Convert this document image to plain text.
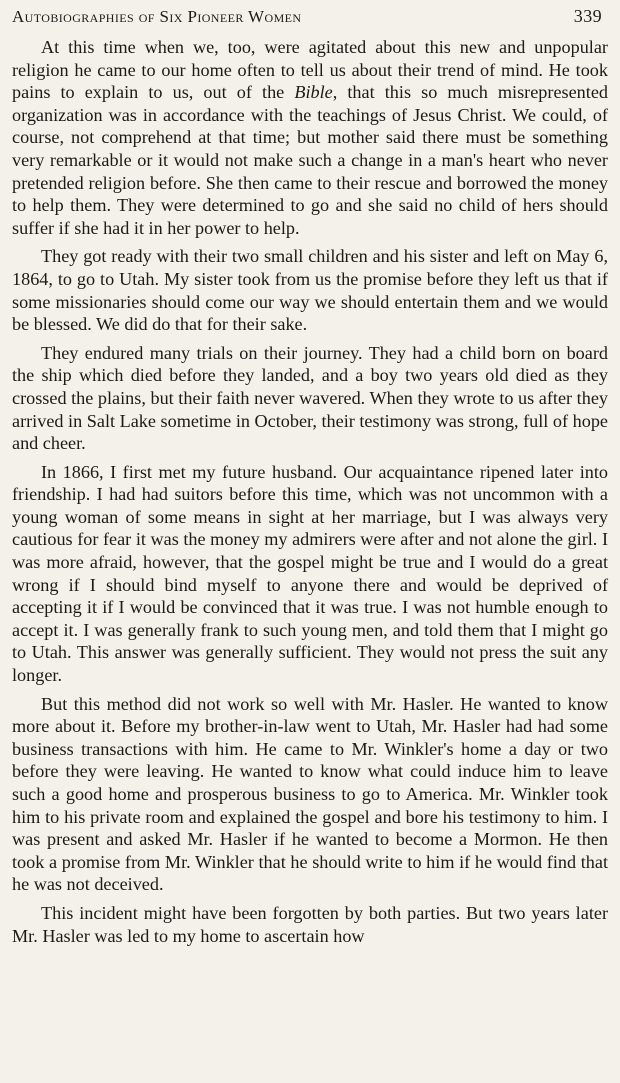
Autobiographies of Six Pioneer Women	339

At this time when we, too, were agitated about this new and unpopular religion he came to our home often to tell us about their trend of mind. He took pains to explain to us, out of the Bible, that this so much misrepresented organization was in accordance with the teachings of Jesus Christ. We could, of course, not comprehend at that time; but mother said there must be something very remarkable or it would not make such a change in a man's heart who never pretended religion before. She then came to their rescue and borrowed the money to help them. They were determined to go and she said no child of hers should suffer if she had it in her power to help.

They got ready with their two small children and his sister and left on May 6, 1864, to go to Utah. My sister took from us the promise before they left us that if some missionaries should come our way we should entertain them and we would be blessed. We did do that for their sake.

They endured many trials on their journey. They had a child born on board the ship which died before they landed, and a boy two years old died as they crossed the plains, but their faith never wavered. When they wrote to us after they arrived in Salt Lake sometime in October, their testimony was strong, full of hope and cheer.

In 1866, I first met my future husband. Our acquaintance ripened later into friendship. I had had suitors before this time, which was not uncommon with a young woman of some means in sight at her marriage, but I was always very cautious for fear it was the money my admirers were after and not alone the girl. I was more afraid, however, that the gospel might be true and I would do a great wrong if I should bind myself to anyone there and would be deprived of accepting it if I would be convinced that it was true. I was not humble enough to accept it. I was generally frank to such young men, and told them that I might go to Utah. This answer was generally sufficient. They would not press the suit any longer.

But this method did not work so well with Mr. Hasler. He wanted to know more about it. Before my brother-in-law went to Utah, Mr. Hasler had had some business transactions with him. He came to Mr. Winkler's home a day or two before they were leaving. He wanted to know what could induce him to leave such a good home and prosperous business to go to America. Mr. Winkler took him to his private room and explained the gospel and bore his testimony to him. I was present and asked Mr. Hasler if he wanted to become a Mormon. He then took a promise from Mr. Winkler that he should write to him if he would find that he was not deceived.

This incident might have been forgotten by both parties. But two years later Mr. Hasler was led to my home to ascertain how
